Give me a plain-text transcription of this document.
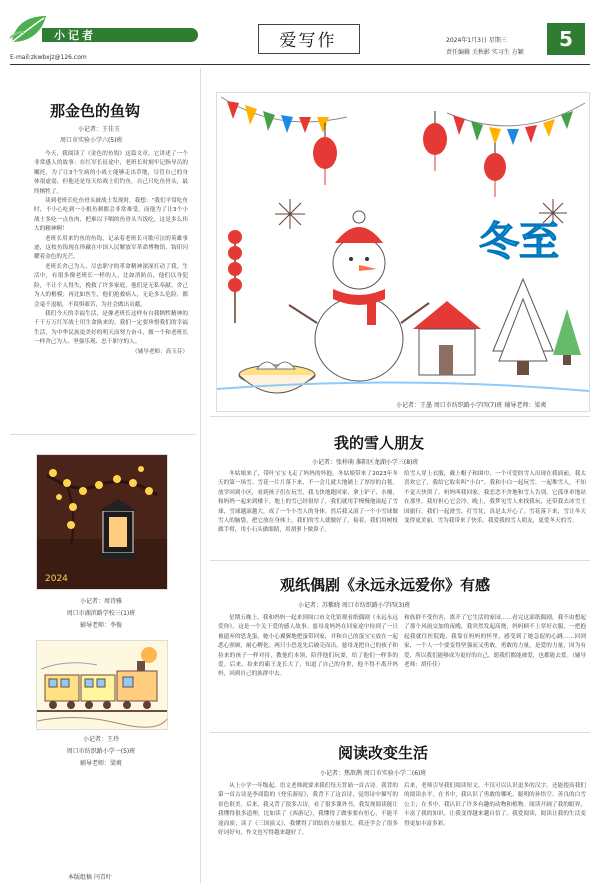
小记者
E-mail:zkwbxjz@126.com
爱写作	2024年1月3日 星期三
责任编辑 关秋影 实习生 方颖
5
那金色的鱼钩
小记者：王佳玉
周口市实验小学六(5)班

今天，我阅读了《金色的鱼钩》这篇文章，它讲述了一个非常感人的故事：在红军长征途中，老班长时刻牢记指导员的嘱托，为了让3个生病的小战士能够走出草地，尽管自己的身体很虚弱，但他还是每天给战士们钓鱼，自己只吃鱼骨头，最终牺牲了。

读到老班长吃鱼骨头被战士发现时，我想：“我们平常吃鱼时，不小心吃到一小根鱼刺都会非常难受，而他为了让3个小战士多吃一点鱼肉，把难以下咽的鱼骨头当饭吃，这是多么伟大的精神啊！

老班长用来钓鱼的鱼钩，记录着老班长可歌可泣的英雄事迹，这枚鱼钩现在珍藏在中国人民解放军革命博物馆，钩印闪耀着金色的光芒。

老班长舍己为人、尽忠职守的革命精神深深打动了我。生活中，有很多像老班长一样的人，比如消防员，他们以身犯险，不让个人得失，挽救了许多家庭，他们是无私奉献、舍己为人的楷模；再比如医生，他们抢救病人，无论多么危险，都会毫不退缩，不畏惧艰苦，为社会做出贡献。

我们今天的幸福生活，是像老班长这样有自我牺牲精神的千千万万红军战士用生命换来的。我们一定要珍惜我们的幸福生活，为中华民族更美好的明天而努力奋斗，做一个和老班长一样舍己为人、坚强乐观、忠于职守的人。

（辅导老师：高玉芬）

冬至
小记者：王墨 周口市纺织路小学四(7)班 辅导老师：梁爽
我的雪人朋友
小记者：张梓萌 淮阳区龙湖小学三(8)班
冬姑娘来了，带叶宝宝飞走了妈妈的怀抱。冬姑娘带来了2023年冬天的第一场雪。雪花一片片落下来，不一会儿就大地铺上了厚厚的白毯。放学回到小区，看到孩子们在玩雪，我飞快地跑回家，拿上铲子、水桶，和妈妈一起来到楼下。地上的雪已经很厚了，我们就用手慢慢地滚起了雪球，雪球越滚越大，成了一个小雪人的身体。然后我又滚了一个小雪球做雪人的脑袋，把它放在身体上，我们的雪人就做好了。接着，我们用树枝做手臂，用小石头做眼睛，用胡萝卜做鼻子。
给雪人穿上衣服，戴上帽子和围巾，一个可爱的雪人出现在我面前，我太喜欢它了，我给它取名叫“小白”。我和小白一起玩雪，一起堆雪人，不知不觉天快黑了，妈妈叫我回家，我恋恋不舍地和雪人告别。它孤单单地站在那里，我好担心它会冷。晚上，我梦见雪人来找我玩，还带我去冰雪王国旅行，我们一起滑雪、打雪仗，真是太开心了。雪花落下来，雪让冬天变得更美丽，雪为我带来了快乐。我爱我的雪人朋友，更爱冬天的雪。
观纸偶剧《永远永远爱你》有感
小记者：苏紫晓 周口市纺织路小学四(3)班
星期五晚上，我和妈妈一起来到周口市文化馆观看纸偶剧《永远永远爱你》。这是一个关于爱的感人故事。慈母龙妈妈在回家途中捡到了一只被遗弃的恐龙蛋，她小心翼翼地把蛋带回家，并和自己的蛋宝宝放在一起悉心照顾，耐心孵化。两只小恐龙先后破壳而出，慈母龙把自己的孩子和捡来的孩子一样对待，教他们本领，陪伴他们玩耍，给了他们一样多的爱。后来，捡来的霸王龙长大了，知道了自己的身世，他不得不离开妈妈，回到自己的族群中去。
和族群不受伤害，离开了它生活的家园……看完这部纸偶剧，我不由想起了那个风雨交加的夜晚，我突然发起高烧，妈妈顾不上穿好衣服，一把抱起我就往医院跑，我靠在妈妈的怀里，感受到了她急促的心跳……回到家，一个人一个要变得坚强而又勇敢，勇敢的力量，是爱的力量，因为有爱，所以我们能够成为更好的自己，愿我们都能被爱，也都能去爱。（辅导老师：胡佳佳）
阅读改变生活
小记者：焦歆鹊 周口市实验小学二(6)班
从上小学一年级起，语文老师就要求我们每天背诵一首古诗。我背的第一首古诗是李商隐的《登乐游原》，我背下了这首诗，觉得诗中描写的景色很美。后来，我又背了很多古诗，看了很多课外书，我发现阅读能让我懂得很多道理，比如读了《西游记》，我懂得了做事要有恒心，不能半途而废；读了《三国演义》，我懂得了团结的力量很大。我还学会了很多好词好句，作文也写得越来越好了。
后来，老师引导我们阅读短文，不仅可以认识更多的汉字，还能提高我们的阅读水平。在书中，我认识了勇敢的哪吒、聪明的孙悟空、善良的白雪公主；在书中，我认识了许多有趣的动物和植物。阅读开阔了我的眼界，丰富了我的知识，让我变得越来越自信了。我爱阅读，阅读让我的生活变得更加丰富多彩。
2024
小记者：周诗雅
周口市湖滨路学校三(1)班
辅导老师：李俊
小记者：王玲
周口市纺织路小学一(5)班
辅导老师：梁爽
本版组稿 闫青叶
